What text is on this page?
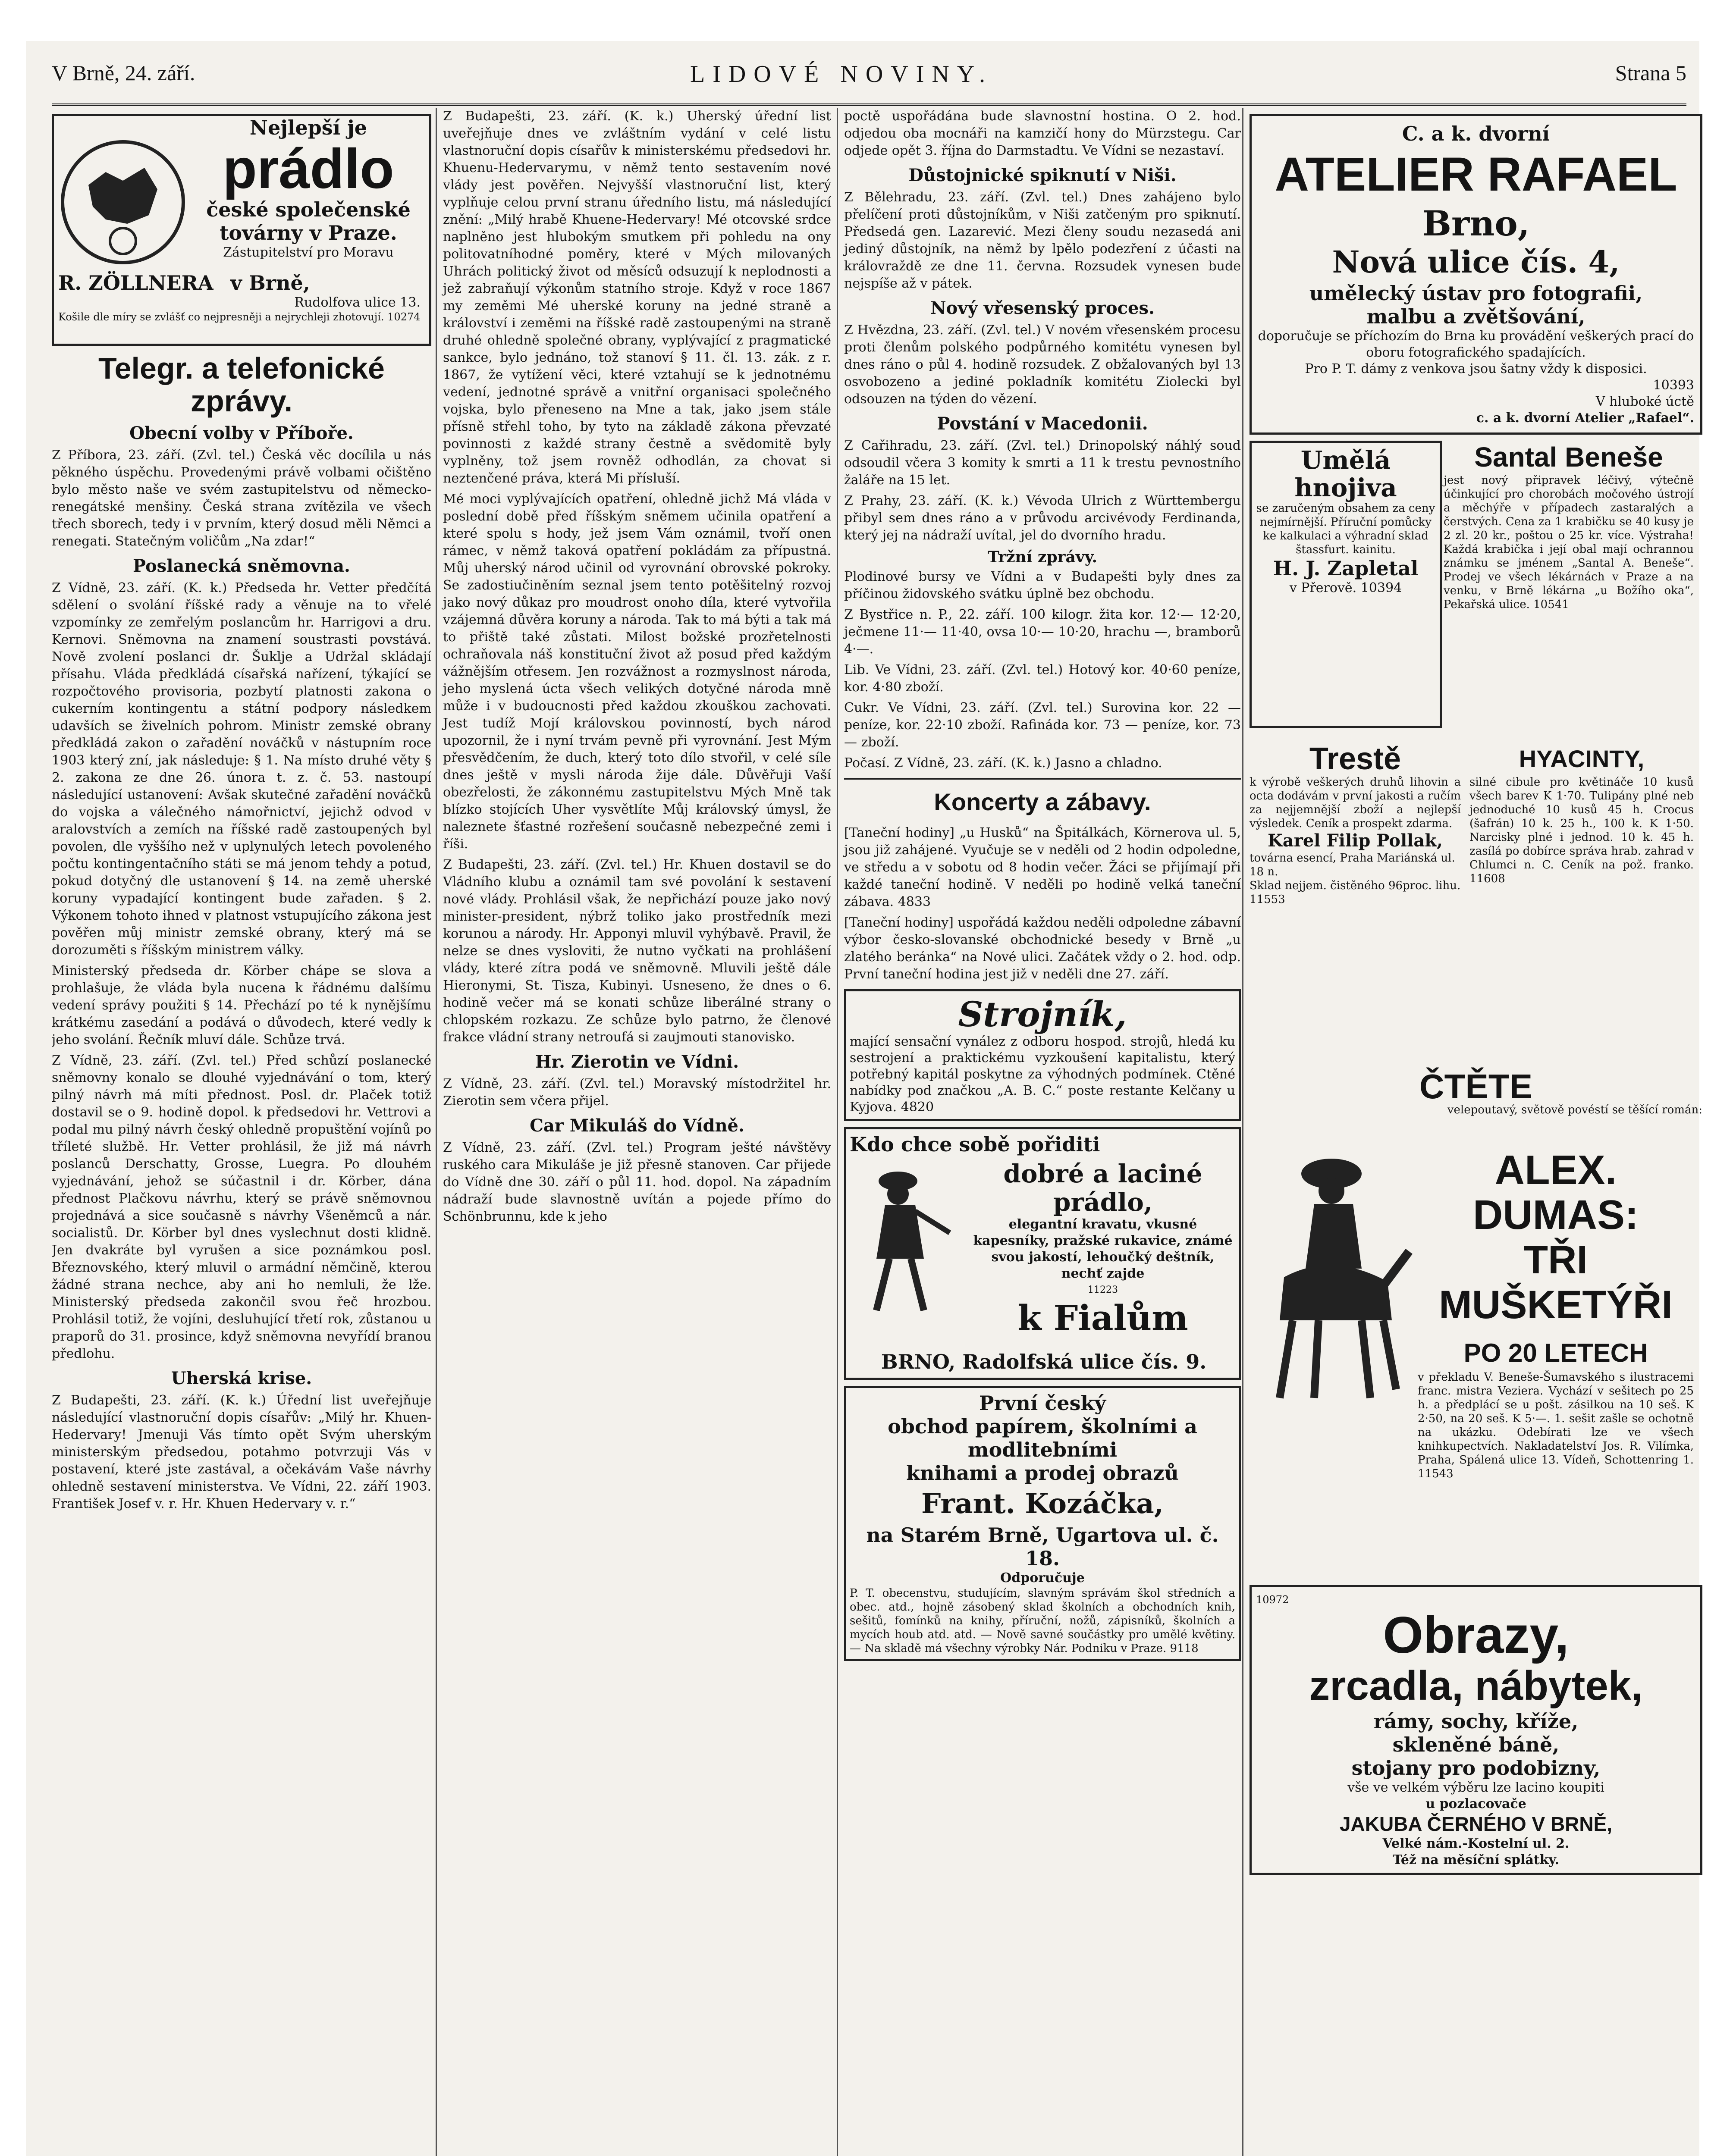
V Brně, 24. září.	LIDOVÉ NOVINY.	Strana 5
Nejlepší je
prádlo
české společenské
továrny v Praze.
Zástupitelství pro Moravu
R. ZÖLLNERA v Brně,
Rudolfova ulice 13.
Košile dle míry se zvlášť co nejpresněji a nejrychleji zhotovují. 10274
Telegr. a telefonické zprávy.
Obecní volby v Příboře.

Z Příbora, 23. září. (Zvl. tel.) Česká věc docílila u nás pěkného úspěchu. Provedenými právě volbami očištěno bylo město naše ve svém zastupitelstvu od německo-renegátské menšiny. Česká strana zvítězila ve všech třech sborech, tedy i v prvním, který dosud měli Němci a renegati. Statečným voličům „Na zdar!“

Poslanecká sněmovna.

Z Vídně, 23. září. (K. k.) Předseda hr. Vetter předčítá sdělení o svolání říšské rady a věnuje na to vřelé vzpomínky ze zemřelým poslancům hr. Harrigovi a dru. Kernovi. Sněmovna na znamení soustrasti povstává. Nově zvolení poslanci dr. Šuklje a Udržal skládají přísahu. Vláda předkládá císařská nařízení, týkající se rozpočtového provisoria, pozbytí platnosti zakona o cukerním kontingentu a státní podpory následkem udavších se živelních pohrom. Ministr zemské obrany předkládá zakon o zařadění nováčků v nástupním roce 1903 který zní, jak následuje: § 1. Na místo druhé věty § 2. zakona ze dne 26. února t. z. č. 53. nastoupí následující ustanovení: Avšak skutečné zařadění nováčků do vojska a válečného námořnictví, jejichž odvod v aralovstvích a zemích na říšské radě zastoupených byl povolen, dle vyššího než v uplynulých letech povoleného počtu kontingentačního státi se má jenom tehdy a potud, pokud dotyčný dle ustanovení § 14. na země uherské koruny vypadající kontingent bude zařaden. § 2. Výkonem tohoto ihned v platnost vstupujícího zákona jest pověřen můj ministr zemské obrany, který má se dorozuměti s říšským ministrem války.

Ministerský předseda dr. Körber chápe se slova a prohlašuje, že vláda byla nucena k řádnému dalšímu vedení správy použiti § 14. Přechází po té k nynějšímu krátkému zasedání a podává o důvodech, které vedly k jeho svolání. Řečník mluví dále. Schůze trvá.

Z Vídně, 23. září. (Zvl. tel.) Před schůzí poslanecké sněmovny konalo se dlouhé vyjednávání o tom, který pilný návrh má míti přednost. Posl. dr. Plaček totiž dostavil se o 9. hodině dopol. k předsedovi hr. Vettrovi a podal mu pilný návrh český ohledně propuštění vojínů po tříleté službě. Hr. Vetter prohlásil, že již má návrh poslanců Derschatty, Grosse, Luegra. Po dlouhém vyjednávání, jehož se súčastnil i dr. Körber, dána přednost Plačkovu návrhu, který se právě sněmovnou projednává a sice současně s návrhy Všeněmců a nár. socialistů. Dr. Körber byl dnes vyslechnut dosti klidně. Jen dvakráte byl vyrušen a sice poznámkou posl. Březnovského, který mluvil o armádní němčině, kterou žádné strana nechce, aby ani ho nemluli, že lže. Ministerský předseda zakončil svou řeč hrozbou. Prohlásil totiž, že vojíni, desluhující třetí rok, zůstanou u praporů do 31. prosince, když sněmovna nevyřídí branou předlohu.

Uherská krise.

Z Budapešti, 23. září. (K. k.) Úřední list uveřejňuje následující vlastnoruční dopis císařův: „Milý hr. Khuen-Hedervary! Jmenuji Vás tímto opět Svým uherským ministerským předsedou, potahmo potvrzuji Vás v postavení, které jste zastával, a očekávám Vaše návrhy ohledně sestavení ministerstva. Ve Vídni, 22. září 1903. František Josef v. r. Hr. Khuen Hedervary v. r.“

Z Budapešti, 23. září. (K. k.) Uherský úřední list uveřejňuje dnes ve zvláštním vydání v celé listu vlastnoruční dopis císařův k ministerskému předsedovi hr. Khuenu-Hedervarymu, v němž tento sestavením nové vlády jest pověřen. Nejvyšší vlastnoruční list, který vyplňuje celou první stranu úředního listu, má následující znění: „Milý hrabě Khuene-Hedervary! Mé otcovské srdce naplněno jest hlubokým smutkem při pohledu na ony politovatníhodné poměry, které v Mých milovaných Uhrách politický život od měsíců odsuzují k neplodnosti a jež zabraňují výkonům statního stroje. Když v roce 1867 my zeměmi Mé uherské koruny na jedné straně a království i zeměmi na říšské radě zastoupenými na straně druhé ohledně společné obrany, vyplývající z pragmatické sankce, bylo jednáno, tož stanoví § 11. čl. 13. zák. z r. 1867, že vytížení věci, které vztahují se k jednotnému vedení, jednotné správě a vnitřní organisaci společného vojska, bylo přeneseno na Mne a tak, jako jsem stále přísně střehl toho, by tyto na základě zákona převzaté povinnosti z každé strany čestně a svědomitě byly vyplněny, tož jsem rovněž odhodlán, za chovat si neztenčené práva, která Mi přísluší.

Mé moci vyplývajících opatření, ohledně jichž Má vláda v poslední době před říšským sněmem učinila opatření a které spolu s hody, jež jsem Vám oznámil, tvoří onen rámec, v němž taková opatření pokládám za přípustná. Můj uherský národ učinil od vyrovnání obrovské pokroky. Se zadostiučiněním seznal jsem tento potěšitelný rozvoj jako nový důkaz pro moudrost onoho díla, které vytvořila vzájemná důvěra koruny a národa. Tak to má býti a tak má to přiště také zůstati. Milost božské prozřetelnosti ochraňovala náš konstituční život až posud před každým vážnějším otřesem. Jen rozvážnost a rozmyslnost národa, jeho myslená úcta všech velikých dotyčné národa mně může i v budoucnosti před každou zkouškou zachovati. Jest tudíž Mojí královskou povinností, bych národ upozornil, že i nyní trvám pevně při vyrovnání. Jest Mým přesvědčením, že duch, který toto dílo stvořil, v celé síle dnes ještě v mysli národa žije dále. Důvěřuji Vaší obezřelosti, že zákonnému zastupitelstvu Mých Mně tak blízko stojících Uher vysvětlíte Můj královský úmysl, že naleznete šťastné rozřešení současně nebezpečné zemi i říši.

Z Budapešti, 23. září. (Zvl. tel.) Hr. Khuen dostavil se do Vládního klubu a oznámil tam své povolání k sestavení nové vlády. Prohlásil však, že nepřichází pouze jako nový minister-president, nýbrž toliko jako prostředník mezi korunou a národy. Hr. Apponyi mluvil vyhýbavě. Pravil, že nelze se dnes vysloviti, že nutno vyčkati na prohlášení vlády, které zítra podá ve sněmovně. Mluvili ještě dále Hieronymi, St. Tisza, Kubinyi. Usneseno, že dnes o 6. hodině večer má se konati schůze liberálné strany o chlopském rozkazu. Ze schůze bylo patrno, že členové frakce vládní strany netroufá si zaujmouti stanovisko.

Hr. Zierotin ve Vídni.

Z Vídně, 23. září. (Zvl. tel.) Moravský místodržitel hr. Zierotin sem včera přijel.

Car Mikuláš do Vídně.

Z Vídně, 23. září. (Zvl. tel.) Program ješté návštěvy ruského cara Mikuláše je již přesně stanoven. Car přijede do Vídně dne 30. září o půl 11. hod. dopol. Na západním nádraží bude slavnostně uvítán a pojede přímo do Schönbrunnu, kde k jeho

poctě uspořádána bude slavnostní hostina. O 2. hod. odjedou oba mocnáři na kamzičí hony do Mürzstegu. Car odjede opět 3. října do Darmstadtu. Ve Vídni se nezastaví.

Důstojnické spiknutí v Niši.

Z Bělehradu, 23. září. (Zvl. tel.) Dnes zahájeno bylo přelíčení proti důstojníkům, v Niši zatčeným pro spiknutí. Předsedá gen. Lazarević. Mezi členy soudu nezasedá ani jediný důstojník, na němž by lpělo podezření z účasti na královraždě ze dne 11. června. Rozsudek vynesen bude nejspíše až v pátek.

Nový vřesenský proces.

Z Hvězdna, 23. září. (Zvl. tel.) V novém vřesenském procesu proti členům polského podpůrného komitétu vynesen byl dnes ráno o půl 4. hodině rozsudek. Z obžalovaných byl 13 osvobozeno a jediné pokladník komitétu Ziolecki byl odsouzen na týden do vězení.

Povstání v Macedonii.

Z Cařihradu, 23. září. (Zvl. tel.) Drinopolský náhlý soud odsoudil včera 3 komity k smrti a 11 k trestu pevnostního žaláře na 15 let.

Z Prahy, 23. září. (K. k.) Vévoda Ulrich z Württembergu přibyl sem dnes ráno a v průvodu arcivévody Ferdinanda, který jej na nádraží uvítal, jel do dvorního hradu.

Tržní zprávy.

Plodinové bursy ve Vídni a v Budapešti byly dnes za příčinou židovského svátku úplně bez obchodu.

Z Bystřice n. P., 22. září. 100 kilogr. žita kor. 12·— 12·20, ječmene 11·— 11·40, ovsa 10·— 10·20, hrachu —, bramborů 4·—.

Lib. Ve Vídni, 23. září. (Zvl. tel.) Hotový kor. 40·60 peníze, kor. 4·80 zboží.

Cukr. Ve Vídni, 23. září. (Zvl. tel.) Surovina kor. 22 — peníze, kor. 22·10 zboží. Rafináda kor. 73 — peníze, kor. 73 — zboží.

Počasí. Z Vídně, 23. září. (K. k.) Jasno a chladno.

Koncerty a zábavy.

[Taneční hodiny] „u Husků“ na Špitálkách, Körnerova ul. 5, jsou již zahájené. Vyučuje se v neděli od 2 hodin odpoledne, ve středu a v sobotu od 8 hodin večer. Žáci se přijímají při každé taneční hodině. V neděli po hodině velká taneční zábava. 4833

[Taneční hodiny] uspořádá každou neděli odpoledne zábavní výbor česko-slovanské obchodnické besedy v Brně „u zlatého beránka“ na Nové ulici. Začátek vždy o 2. hod. odp. První taneční hodina jest již v neděli dne 27. září.

Strojník,
mající sensační vynález z odboru hospod. strojů, hledá ku sestrojení a praktickému vyzkoušení kapitalistu, který potřebný kapitál poskytne za výhodných podmínek. Ctěné nabídky pod značkou „A. B. C.“ poste restante Kelčany u Kyjova. 4820
Kdo chce sobě pořiditi
dobré a laciné prádlo,
elegantní kravatu, vkusné kapesníky, pražské rukavice, známé svou jakostí, lehoučký deštník, nechť zajde
11223
k Fialům
BRNO, Radolfská ulice čís. 9.
První český
obchod papírem, školními a modlitebními
knihami a prodej obrazů
Frant. Kozáčka,
na Starém Brně, Ugartova ul. č. 18.
Odporučuje
P. T. obecenstvu, studujícím, slavným správám škol středních a obec. atd., hojně zásobený sklad školních a obchodních knih, sešitů, fomínků na knihy, příruční, nožů, zápisníků, školních a mycích houb atd. atd. — Nově savné součástky pro umělé květiny. — Na skladě má všechny výrobky Nár. Podniku v Praze. 9118
C. a k. dvorní
ATELIER RAFAEL
Brno,
Nová ulice čís. 4,
umělecký ústav pro fotografii,
malbu a zvětšování,
doporučuje se příchozím do Brna ku provádění veškerých prací do oboru fotografického spadajících.
Pro P. T. dámy z venkova jsou šatny vždy k disposici.
10393
V hluboké úctě
c. a k. dvorní Atelier „Rafael“.
Umělá hnojiva
se zaručeným obsahem za ceny nejmírnější. Příruční pomůcky ke kalkulaci a výhradní sklad štassfurt. kainitu.
H. J. Zapletal
v Přerově. 10394
Santal Beneše
jest nový připravek léčivý, výtečně účinkující pro chorobách močového ústrojí a měchýře v případech zastaralých a čerstvých. Cena za 1 krabičku se 40 kusy je 2 zl. 20 kr., poštou o 25 kr. více. Výstraha! Každá krabička i její obal mají ochrannou známku se jménem „Santal A. Beneše“. Prodej ve všech lékárnách v Praze a na venku, v Brně lékárna „u Božího oka“, Pekařská ulice. 10541
Trestě
k výrobě veškerých druhů lihovin a octa dodávám v první jakosti a ručím za nejjemnější zboží a nejlepší výsledek. Ceník a prospekt zdarma.
Karel Filip Pollak,
továrna esencí, Praha Mariánská ul. 18 n.
Sklad nejjem. čistěného 96proc. lihu. 11553
HYACINTY,
silné cibule pro květináče 10 kusů všech barev K 1·70. Tulipány plné neb jednoduché 10 kusů 45 h. Crocus (šafrán) 10 k. 25 h., 100 k. K 1·50. Narcisky plné i jednod. 10 k. 45 h. zasílá po dobírce správa hrab. zahrad v Chlumci n. C. Ceník na pož. franko. 11608
ČTĚTE
velepoutavý, světově povéstí se těšící román:
ALEX.
DUMAS:
TŘI MUŠKETÝŘI
PO 20 LETECH
v překladu V. Beneše-Šumavského s ilustracemi franc. mistra Veziera. Vychází v sešitech po 25 h. a předplácí se u pošt. zásilkou na 10 seš. K 2·50, na 20 seš. K 5·—. 1. sešit zašle se ochotně na ukázku. Odebírati lze ve všech knihkupectvích. Nakladatelství Jos. R. Vilímka, Praha, Spálená ulice 13. Vídeň, Schottenring 1. 11543
10972
Obrazy,
zrcadla, nábytek,
rámy, sochy, kříže,
skleněné báně,
stojany pro podobizny,
vše ve velkém výběru lze lacino koupiti
u pozlacovače
JAKUBA ČERNÉHO V BRNĚ,
Velké nám.-Kostelní ul. 2.
Též na měsíční splátky.
